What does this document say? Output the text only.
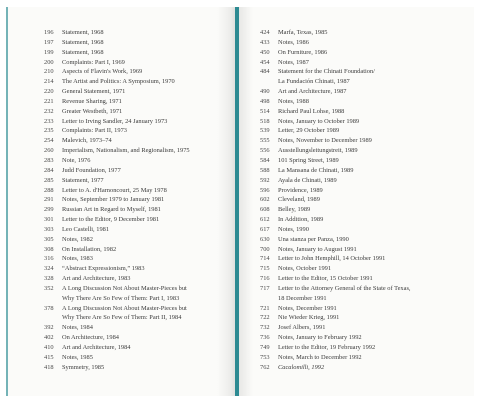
196	Statement, 1968
197	Statement, 1968
199	Statement, 1968
200	Complaints: Part I, 1969
210	Aspects of Flavin's Work, 1969
214	The Artist and Politics: A Symposium, 1970
220	General Statement, 1971
221	Revenue Sharing, 1971
232	Greater Westbeth, 1971
233	Letter to Irving Sandler, 24 January 1973
235	Complaints: Part II, 1973
254	Malevich, 1973–74
260	Imperialism, Nationalism, and Regionalism, 1975
283	Note, 1976
284	Judd Foundation, 1977
285	Statement, 1977
288	Letter to A. d'Harnoncourt, 25 May 1978
291	Notes, September 1979 to January 1981
299	Russian Art in Regard to Myself, 1981
301	Letter to the Editor, 9 December 1981
303	Leo Castelli, 1981
305	Notes, 1982
308	On Installation, 1982
316	Notes, 1983
324	“Abstract Expressionism,” 1983
328	Art and Architecture, 1983
352	A Long Discussion Not About Master-Pieces but
Why There Are So Few of Them: Part I, 1983
378	A Long Discussion Not About Master-Pieces but
Why There Are So Few of Them: Part II, 1984
392	Notes, 1984
402	On Architecture, 1984
410	Art and Architecture, 1984
415	Notes, 1985
418	Symmetry, 1985
424	Marfa, Texas, 1985
433	Notes, 1986
450	On Furniture, 1986
454	Notes, 1987
484	Statement for the Chinati Foundation/
La Fundación Chinati, 1987
490	Art and Architecture, 1987
498	Notes, 1988
514	Richard Paul Lohse, 1988
518	Notes, January to October 1989
539	Letter, 29 October 1989
555	Notes, November to December 1989
556	Ausstellungsleitungstreit, 1989
584	101 Spring Street, 1989
588	La Mansana de Chinati, 1989
592	Ayala de Chinati, 1989
596	Providence, 1989
602	Cleveland, 1989
608	Belley, 1989
612	In Addition, 1989
617	Notes, 1990
630	Una stanza per Panza, 1990
700	Notes, January to August 1991
714	Letter to John Hemphill, 14 October 1991
715	Notes, October 1991
716	Letter to the Editor, 15 October 1991
717	Letter to the Attorney General of the State of Texas,
18 December 1991
721	Notes, December 1991
722	Nie Wieder Krieg, 1991
732	Josef Albers, 1991
736	Notes, January to February 1992
749	Letter to the Editor, 19 February 1992
753	Notes, March to December 1992
762	Cacalomilli, 1992
